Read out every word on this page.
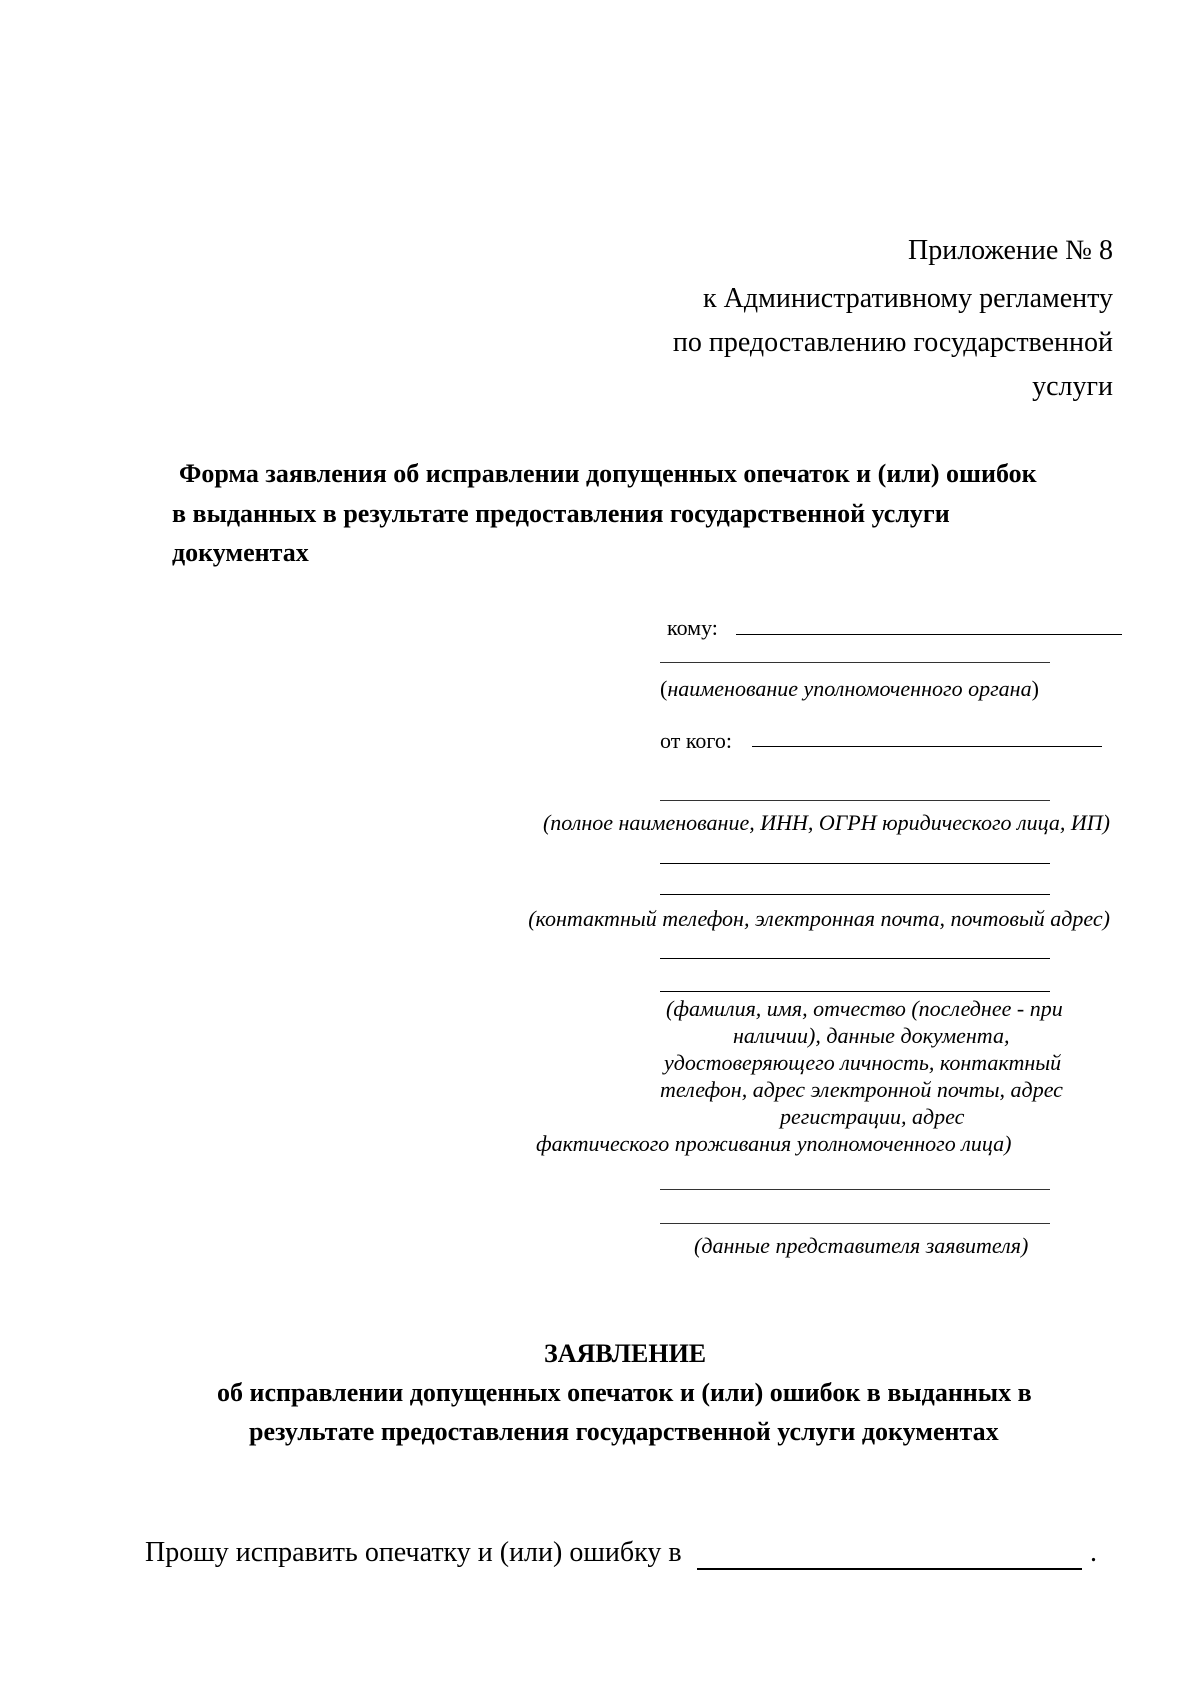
Приложение № 8
к Административному регламенту
по предоставлению государственной
услуги
Форма заявления об исправлении допущенных опечаток и (или) ошибок
в выданных в результате предоставления государственной услуги
документах
кому:
(наименование уполномоченного органа)
от кого:
(полное наименование, ИНН, ОГРН юридического лица, ИП)
(контактный телефон, электронная почта, почтовый адрес)
(фамилия, имя, отчество (последнее - при
наличии), данные документа,
удостоверяющего личность, контактный
телефон, адрес электронной почты, адрес
регистрации, адрес
фактического проживания уполномоченного лица)
(данные представителя заявителя)
ЗАЯВЛЕНИЕ
об исправлении допущенных опечаток и (или) ошибок в выданных в
результате предоставления государственной услуги документах
Прошу исправить опечатку и (или) ошибку в	.
